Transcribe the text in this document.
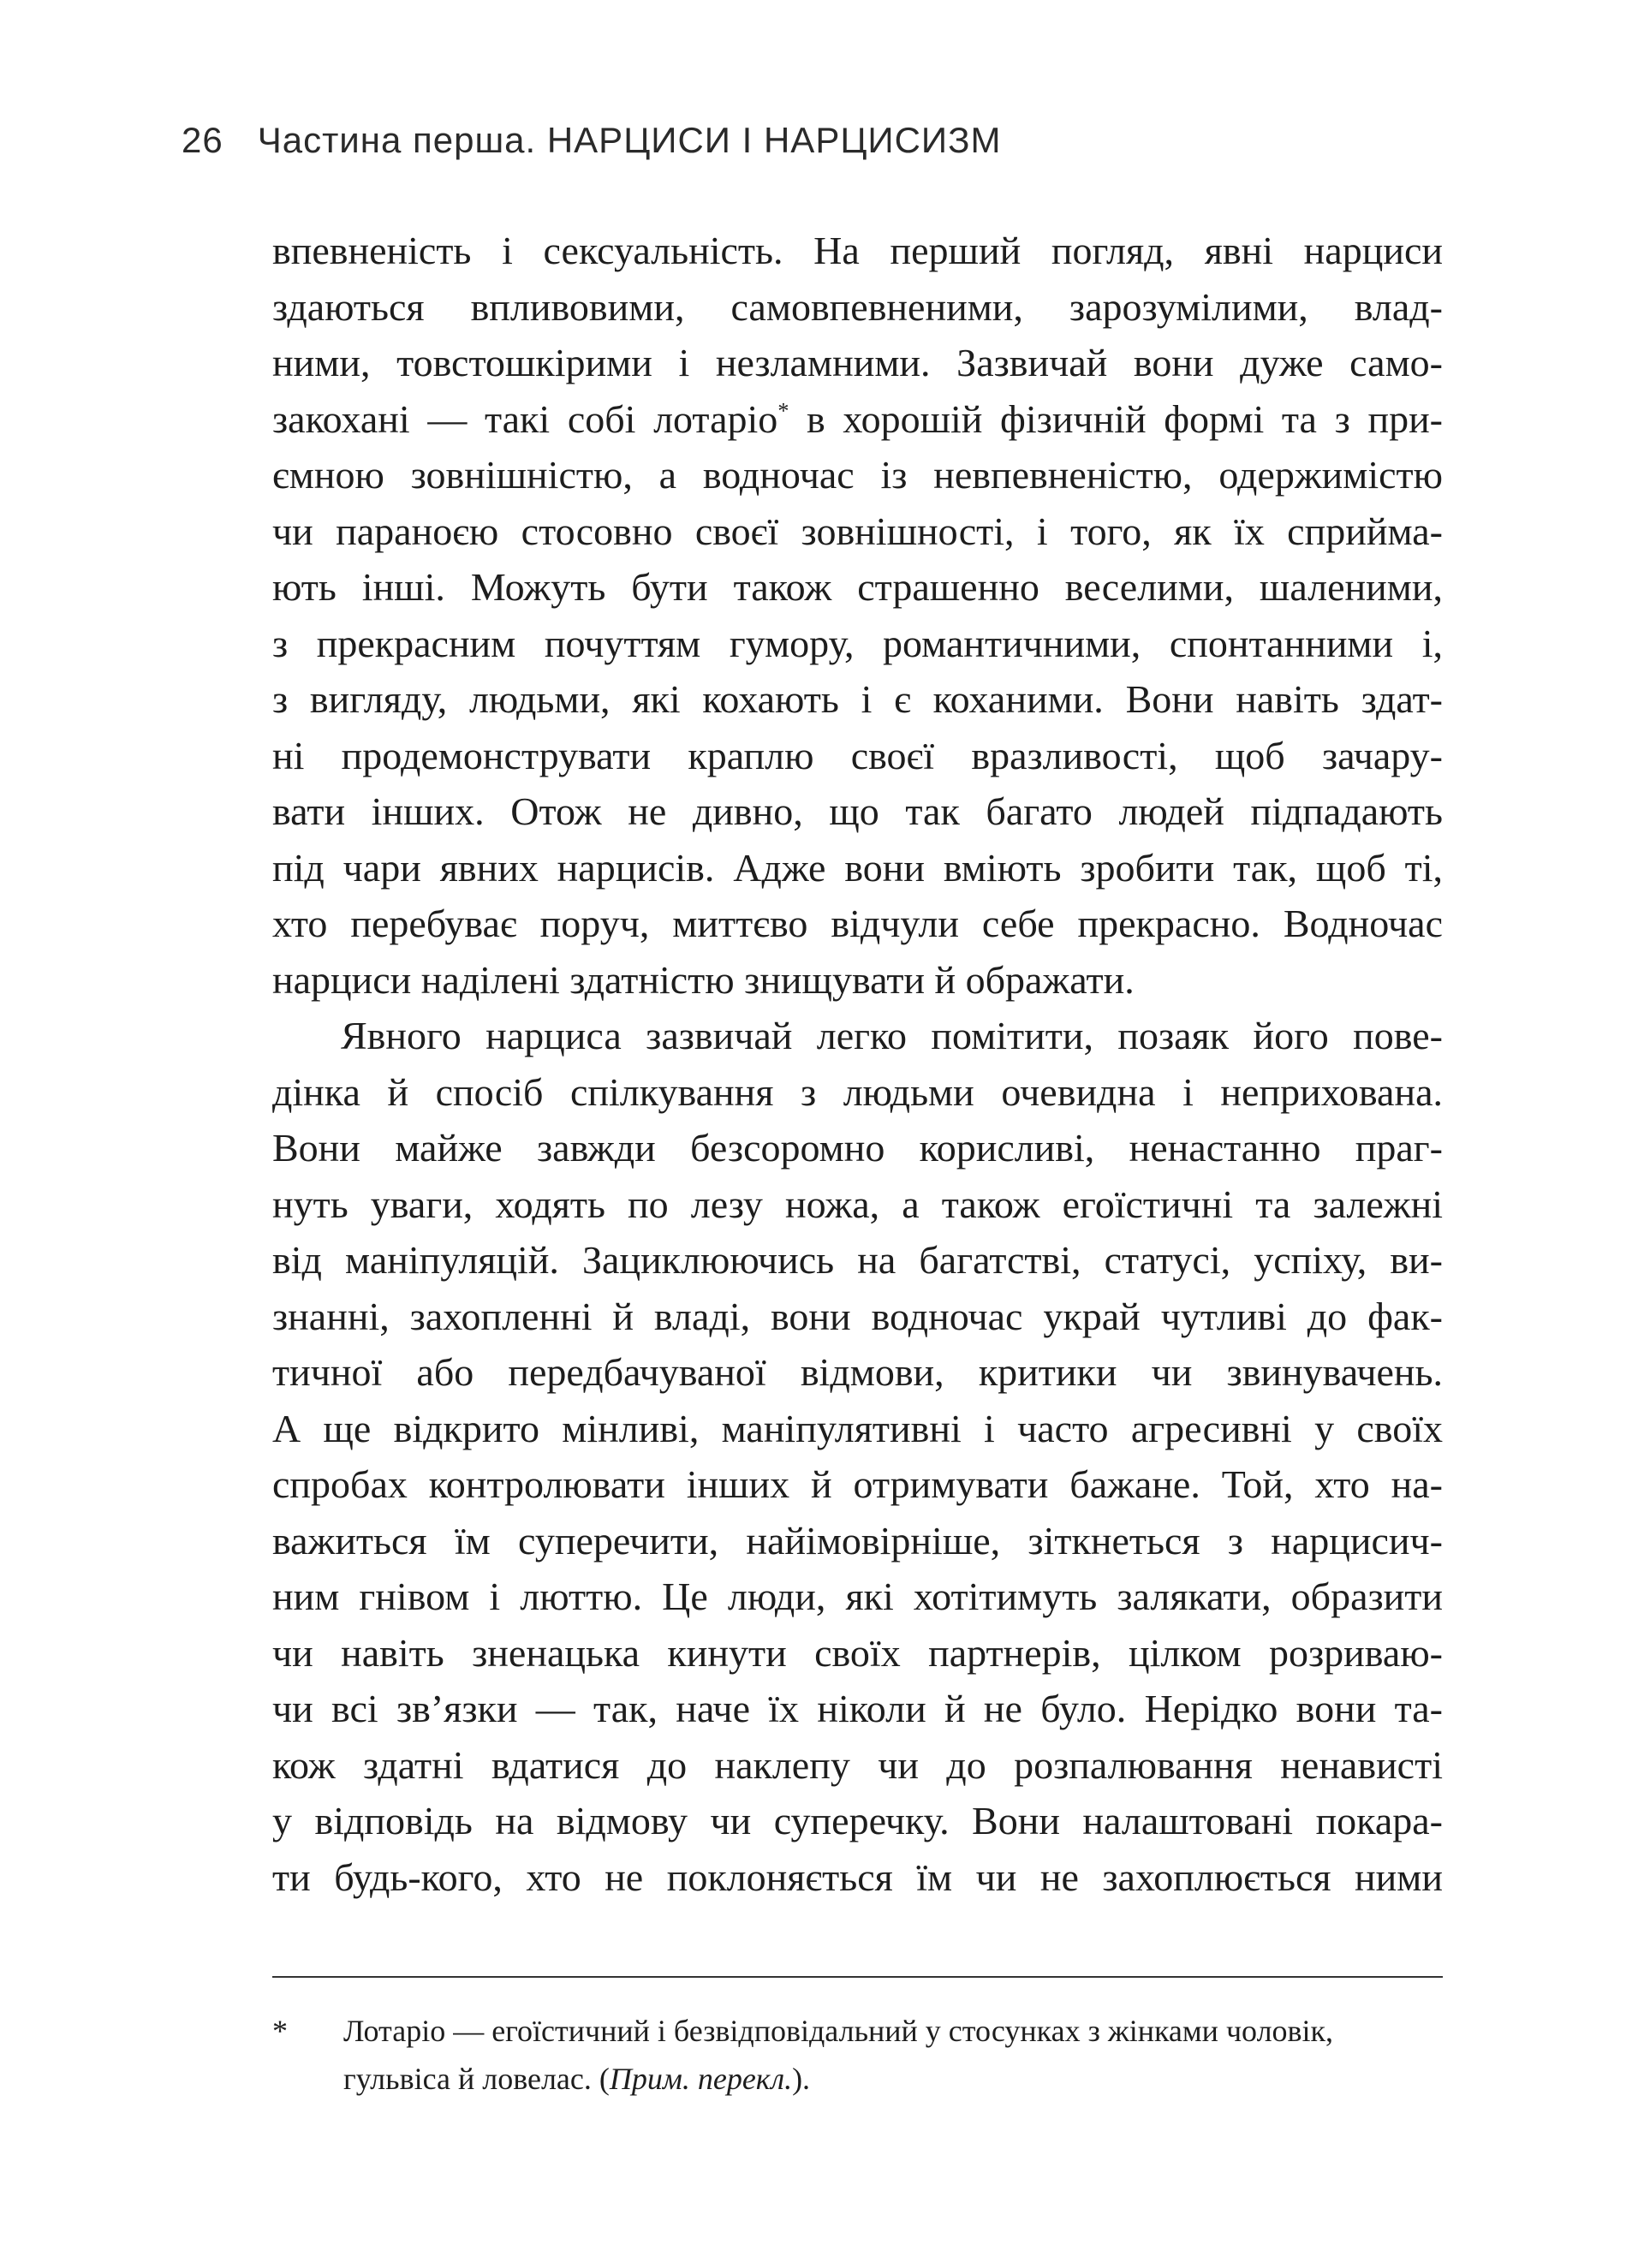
26 Частина перша. НАРЦИСИ І НАРЦИСИЗМ
впевненість і сексуальність. На перший погляд, явні нарциси
здаються впливовими, самовпевненими, зарозумілими, влад-
ними, товстошкірими і незламними. Зазвичай вони дуже само-
закохані — такі собі лотаріо* в хорошій фізичній формі та з при-
ємною зовнішністю, а водночас із невпевненістю, одержимістю
чи параноєю стосовно своєї зовнішності, і того, як їх сприйма-
ють інші. Можуть бути також страшенно веселими, шаленими,
з прекрасним почуттям гумору, романтичними, спонтанними і,
з вигляду, людьми, які кохають і є коханими. Вони навіть здат-
ні продемонструвати краплю своєї вразливості, щоб зачару-
вати інших. Отож не дивно, що так багато людей підпадають
під чари явних нарцисів. Адже вони вміють зробити так, щоб ті,
хто перебуває поруч, миттєво відчули себе прекрасно. Водночас
нарциси наділені здатністю знищувати й ображати.
Явного нарциса зазвичай легко помітити, позаяк його пове-
дінка й спосіб спілкування з людьми очевидна і неприхована.
Вони майже завжди безсоромно корисливі, ненастанно праг-
нуть уваги, ходять по лезу ножа, а також егоїстичні та залежні
від маніпуляцій. Зациклюючись на багатстві, статусі, успіху, ви-
знанні, захопленні й владі, вони водночас украй чутливі до фак-
тичної або передбачуваної відмови, критики чи звинувачень.
А ще відкрито мінливі, маніпулятивні і часто агресивні у своїх
спробах контролювати інших й отримувати бажане. Той, хто на-
важиться їм суперечити, найімовірніше, зіткнеться з нарцисич-
ним гнівом і люттю. Це люди, які хотітимуть залякати, образити
чи навіть зненацька кинути своїх партнерів, цілком розриваю-
чи всі зв’язки — так, наче їх ніколи й не було. Нерідко вони та-
кож здатні вдатися до наклепу чи до розпалювання ненависті
у відповідь на відмову чи суперечку. Вони налаштовані покара-
ти будь-кого, хто не поклоняється їм чи не захоплюється ними
* Лотаріо — егоїстичний і безвідповідальний у стосунках з жінками чоловік,
гульвіса й ловелас. (Прим. перекл.).
